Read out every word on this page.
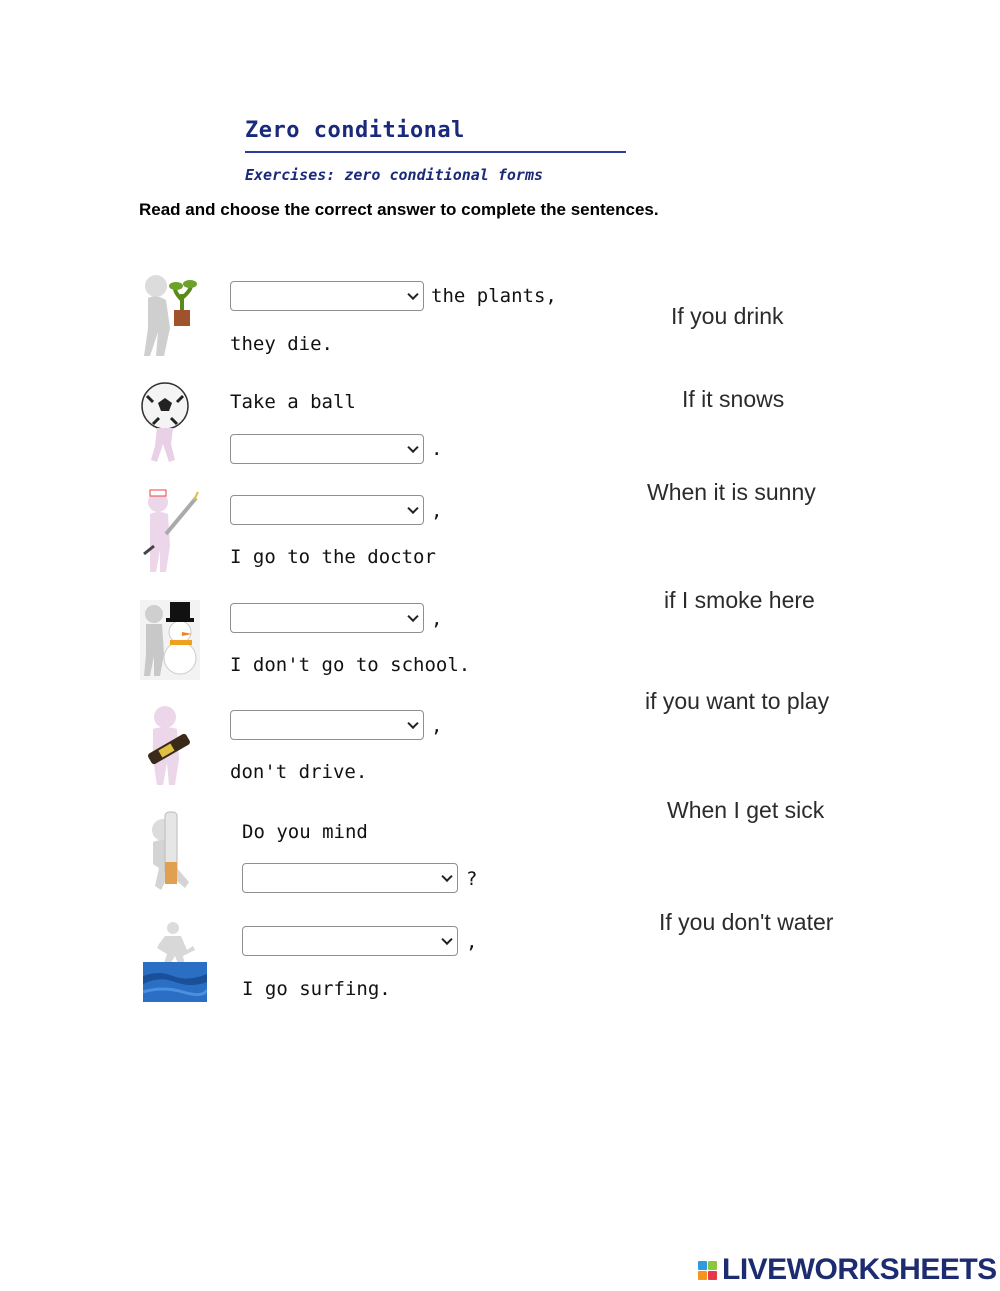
Zero conditional
Exercises: zero conditional forms
Read and choose the correct answer to complete the sentences.
the plants,
they die.
Take a ball
.
,
I go to the doctor
,
I don't go to school.
,
don't drive.
Do you mind
?
,
I go surfing.
If you drink
If it snows
When it is sunny
if I smoke here
if you want to play
When I get sick
If you don't water
LIVEWORKSHEETS
